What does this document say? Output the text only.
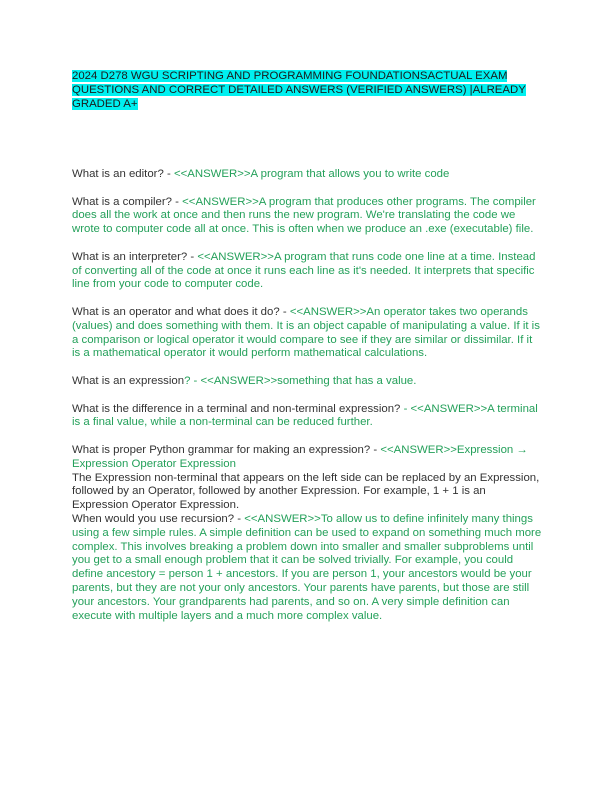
2024 D278 WGU SCRIPTING AND PROGRAMMING FOUNDATIONSACTUAL EXAM QUESTIONS AND CORRECT DETAILED ANSWERS (VERIFIED ANSWERS) |ALREADY GRADED A+

What is an editor? - <<ANSWER>>A program that allows you to write code

What is a compiler? - <<ANSWER>>A program that produces other programs. The compiler does all the work at once and then runs the new program. We're translating the code we wrote to computer code all at once. This is often when we produce an .exe (executable) file.

What is an interpreter? - <<ANSWER>>A program that runs code one line at a time. Instead of converting all of the code at once it runs each line as it's needed. It interprets that specific line from your code to computer code.

What is an operator and what does it do? - <<ANSWER>>An operator takes two operands (values) and does something with them. It is an object capable of manipulating a value. If it is a comparison or logical operator it would compare to see if they are similar or dissimilar. If it is a mathematical operator it would perform mathematical calculations.

What is an expression? - <<ANSWER>>something that has a value.

What is the difference in a terminal and non-terminal expression? - <<ANSWER>>A terminal is a final value, while a non-terminal can be reduced further.

What is proper Python grammar for making an expression? - <<ANSWER>>Expression → Expression Operator Expression

The Expression non-terminal that appears on the left side can be replaced by an Expression, followed by an Operator, followed by another Expression. For example, 1 + 1 is an Expression Operator Expression.

When would you use recursion? - <<ANSWER>>To allow us to define infinitely many things using a few simple rules. A simple definition can be used to expand on something much more complex. This involves breaking a problem down into smaller and smaller subproblems until you get to a small enough problem that it can be solved trivially. For example, you could define ancestory = person 1 + ancestors. If you are person 1, your ancestors would be your parents, but they are not your only ancestors. Your parents have parents, but those are still your ancestors. Your grandparents had parents, and so on. A very simple definition can execute with multiple layers and a much more complex value.
